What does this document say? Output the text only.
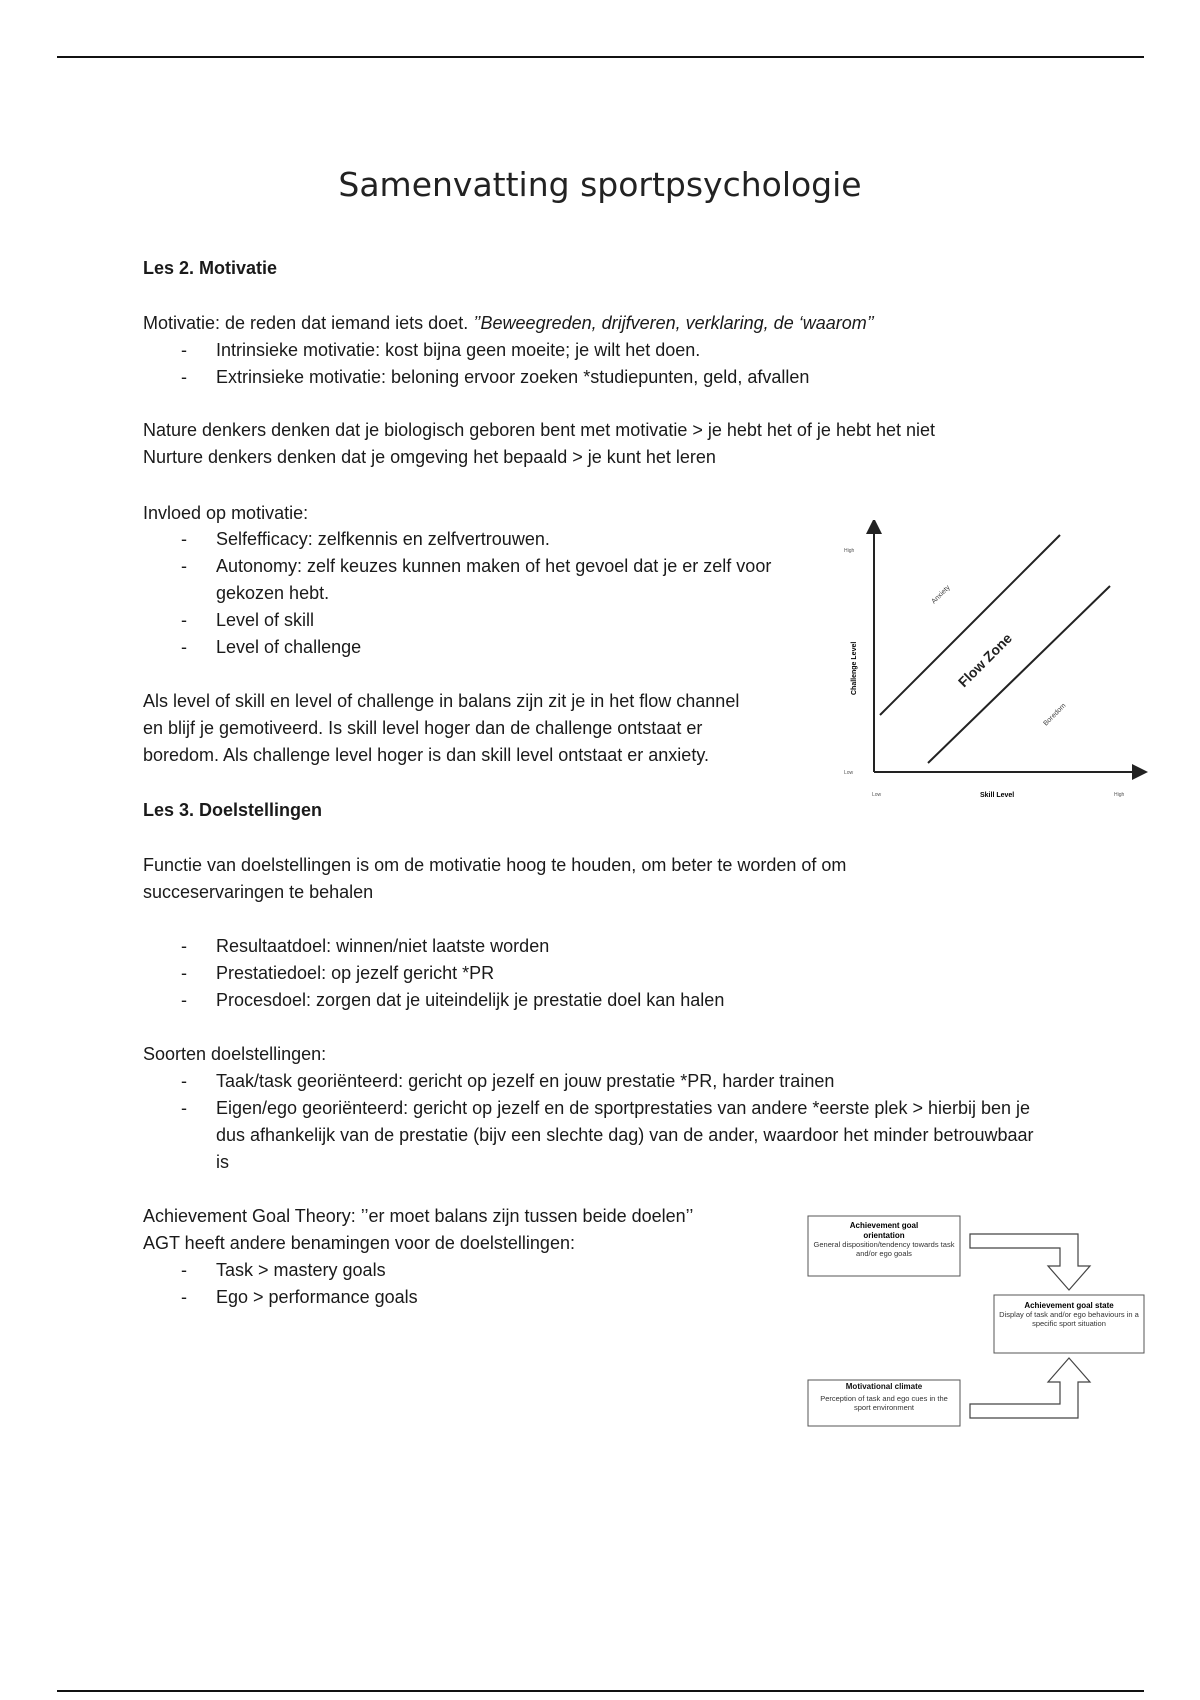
Samenvatting sportpsychologie
Les 2. Motivatie
Motivatie: de reden dat iemand iets doet. ’’Beweegreden, drijfveren, verklaring, de ‘waarom’’
- Intrinsieke motivatie: kost bijna geen moeite; je wilt het doen.
- Extrinsieke motivatie: beloning ervoor zoeken *studiepunten, geld, afvallen
Nature denkers denken dat je biologisch geboren bent met motivatie > je hebt het of je hebt het niet
Nurture denkers denken dat je omgeving het bepaald > je kunt het leren
Invloed op motivatie:
- Selfefficacy: zelfkennis en zelfvertrouwen.
- Autonomy: zelf keuzes kunnen maken of het gevoel dat je er zelf voor gekozen hebt.
- Level of skill
- Level of challenge
Als level of skill en level of challenge in balans zijn zit je in het flow channel
en blijf je gemotiveerd. Is skill level hoger dan de challenge ontstaat er
boredom. Als challenge level hoger is dan skill level ontstaat er anxiety.
High
Low
Low	High
Challenge Level
Skill Level
Anxiety
Flow Zone
Boredom
Les 3. Doelstellingen
Functie van doelstellingen is om de motivatie hoog te houden, om beter te worden of om
succeservaringen te behalen
- Resultaatdoel: winnen/niet laatste worden
- Prestatiedoel: op jezelf gericht *PR
- Procesdoel: zorgen dat je uiteindelijk je prestatie doel kan halen
Soorten doelstellingen:
- Taak/task georiënteerd: gericht op jezelf en jouw prestatie *PR, harder trainen
- Eigen/ego georiënteerd: gericht op jezelf en de sportprestaties van andere *eerste plek > hierbij ben je dus afhankelijk van de prestatie (bijv een slechte dag) van de ander, waardoor het minder betrouwbaar is
Achievement Goal Theory: ’’er moet balans zijn tussen beide doelen’’
AGT heeft andere benamingen voor de doelstellingen:
- Task > mastery goals
- Ego > performance goals
Achievement goal
orientation
General disposition/tendency towards task and/or ego goals
Achievement goal state
Display of task and/or ego behaviours in a specific sport situation
Motivational climate
Perception of task and ego cues in the sport environment
